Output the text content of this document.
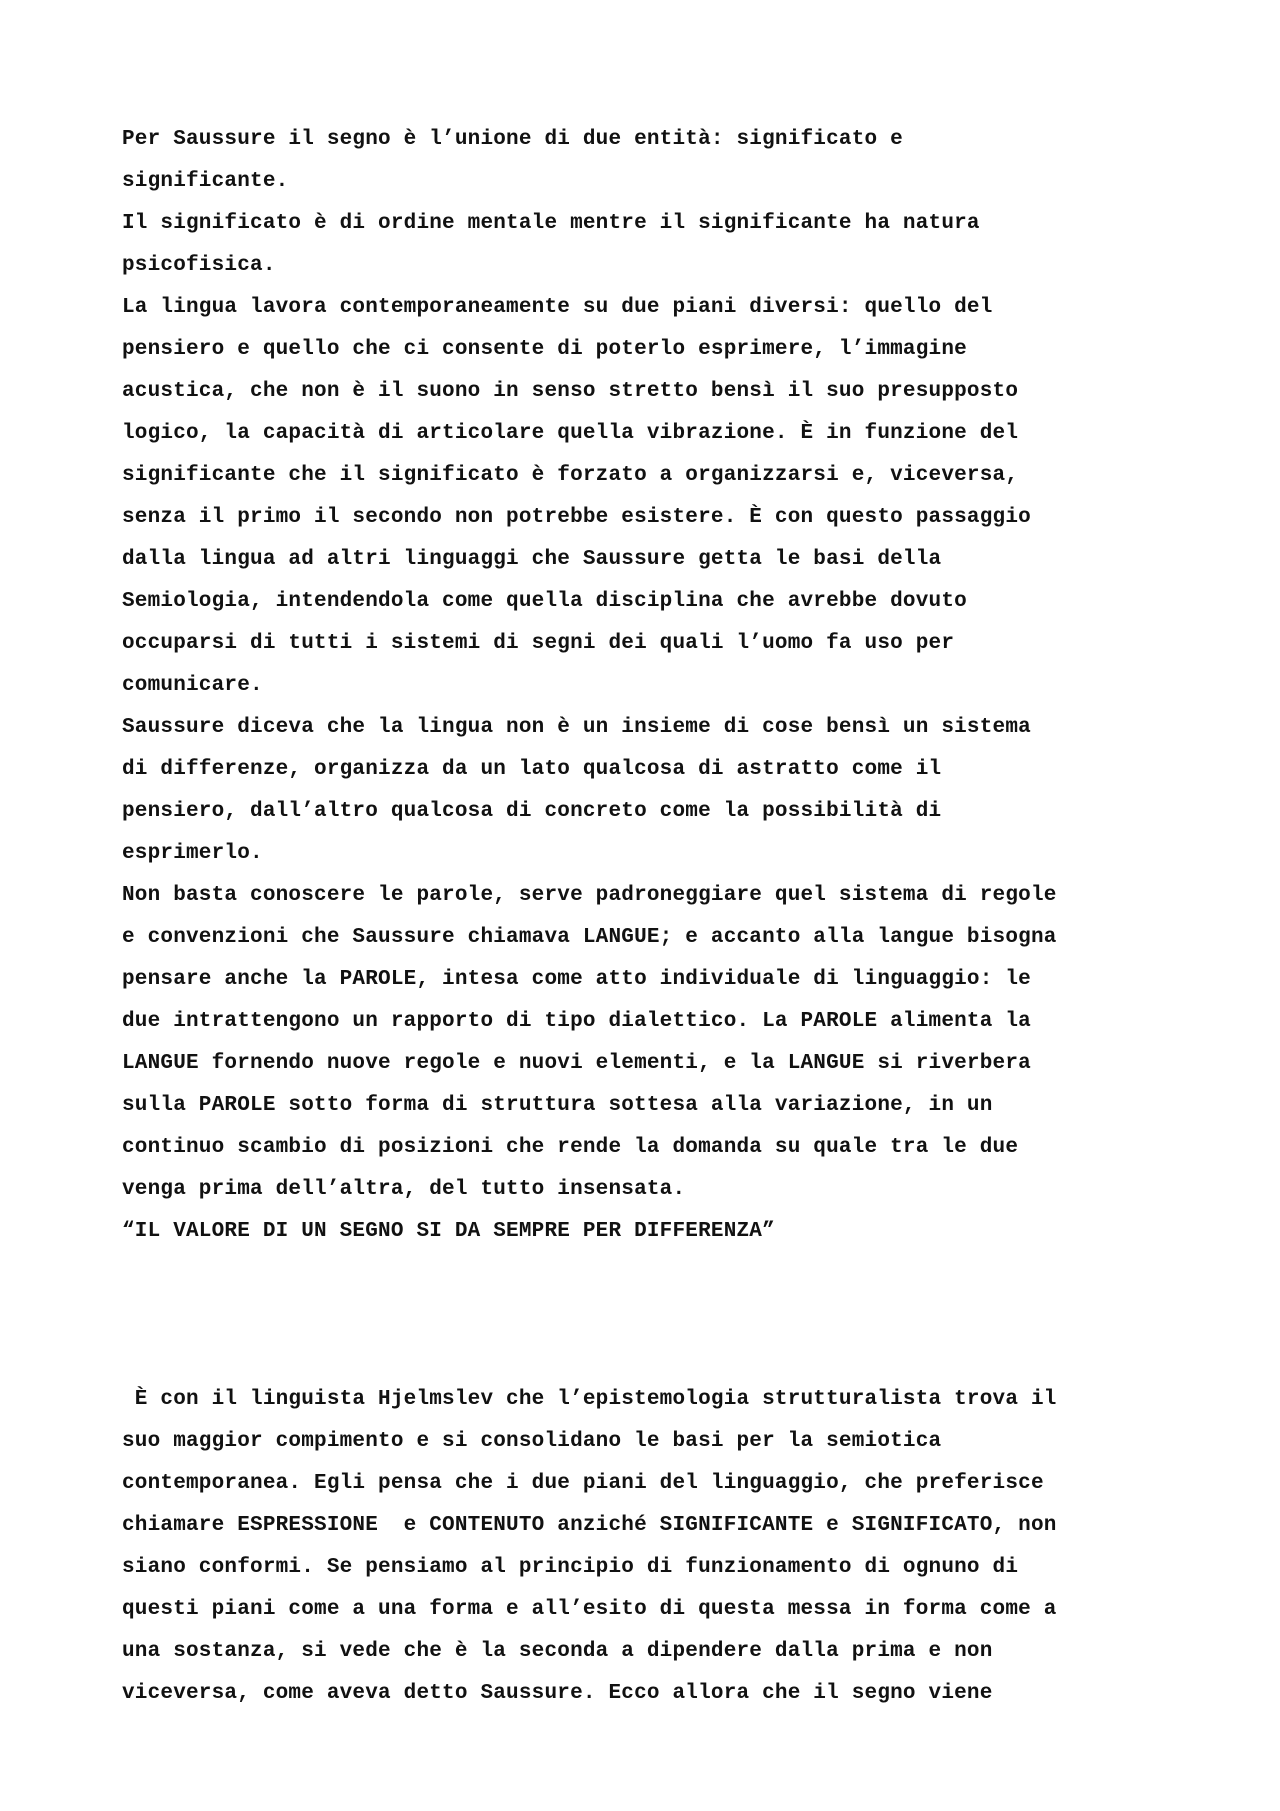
Per Saussure il segno è l’unione di due entità: significato e
significante.
Il significato è di ordine mentale mentre il significante ha natura
psicofisica.
La lingua lavora contemporaneamente su due piani diversi: quello del
pensiero e quello che ci consente di poterlo esprimere, l’immagine
acustica, che non è il suono in senso stretto bensì il suo presupposto
logico, la capacità di articolare quella vibrazione. È in funzione del
significante che il significato è forzato a organizzarsi e, viceversa,
senza il primo il secondo non potrebbe esistere. È con questo passaggio
dalla lingua ad altri linguaggi che Saussure getta le basi della
Semiologia, intendendola come quella disciplina che avrebbe dovuto
occuparsi di tutti i sistemi di segni dei quali l’uomo fa uso per
comunicare.
Saussure diceva che la lingua non è un insieme di cose bensì un sistema
di differenze, organizza da un lato qualcosa di astratto come il
pensiero, dall’altro qualcosa di concreto come la possibilità di
esprimerlo.
Non basta conoscere le parole, serve padroneggiare quel sistema di regole
e convenzioni che Saussure chiamava LANGUE; e accanto alla langue bisogna
pensare anche la PAROLE, intesa come atto individuale di linguaggio: le
due intrattengono un rapporto di tipo dialettico. La PAROLE alimenta la
LANGUE fornendo nuove regole e nuovi elementi, e la LANGUE si riverbera
sulla PAROLE sotto forma di struttura sottesa alla variazione, in un
continuo scambio di posizioni che rende la domanda su quale tra le due
venga prima dell’altra, del tutto insensata.
“IL VALORE DI UN SEGNO SI DA SEMPRE PER DIFFERENZA”
È con il linguista Hjelmslev che l’epistemologia strutturalista trova il
suo maggior compimento e si consolidano le basi per la semiotica
contemporanea. Egli pensa che i due piani del linguaggio, che preferisce
chiamare ESPRESSIONE  e CONTENUTO anziché SIGNIFICANTE e SIGNIFICATO, non
siano conformi. Se pensiamo al principio di funzionamento di ognuno di
questi piani come a una forma e all’esito di questa messa in forma come a
una sostanza, si vede che è la seconda a dipendere dalla prima e non
viceversa, come aveva detto Saussure. Ecco allora che il segno viene
